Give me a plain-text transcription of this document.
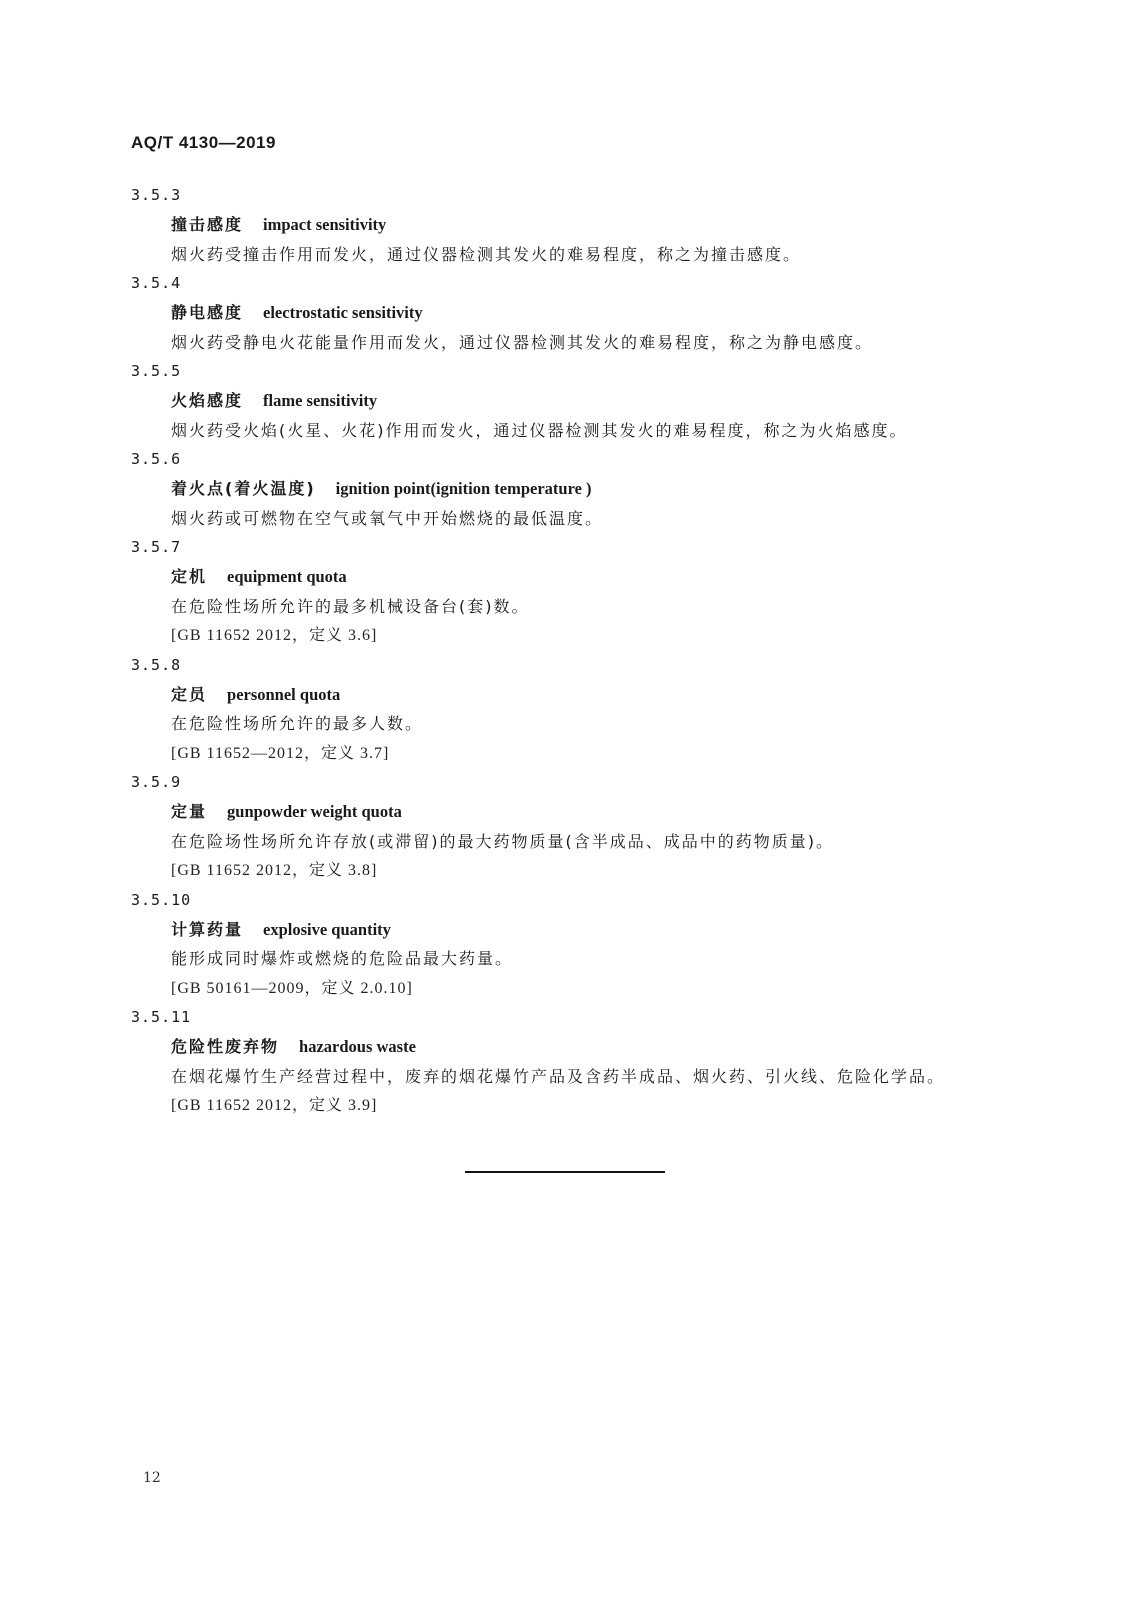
AQ/T 4130—2019
3.5.3
撞击感度 impact sensitivity
烟火药受撞击作用而发火，通过仪器检测其发火的难易程度，称之为撞击感度。
3.5.4
静电感度 electrostatic sensitivity
烟火药受静电火花能量作用而发火，通过仪器检测其发火的难易程度，称之为静电感度。
3.5.5
火焰感度 flame sensitivity
烟火药受火焰(火星、火花)作用而发火，通过仪器检测其发火的难易程度，称之为火焰感度。
3.5.6
着火点(着火温度) ignition point(ignition temperature )
烟火药或可燃物在空气或氧气中开始燃烧的最低温度。
3.5.7
定机 equipment quota
在危险性场所允许的最多机械设备台(套)数。
[GB 11652 2012，定义 3.6]
3.5.8
定员 personnel quota
在危险性场所允许的最多人数。
[GB 11652—2012，定义 3.7]
3.5.9
定量 gunpowder weight quota
在危险场性场所允许存放(或滞留)的最大药物质量(含半成品、成品中的药物质量)。
[GB 11652 2012，定义 3.8]
3.5.10
计算药量 explosive quantity
能形成同时爆炸或燃烧的危险品最大药量。
[GB 50161—2009，定义 2.0.10]
3.5.11
危险性废弃物 hazardous waste
在烟花爆竹生产经营过程中，废弃的烟花爆竹产品及含药半成品、烟火药、引火线、危险化学品。
[GB 11652 2012，定义 3.9]
12
